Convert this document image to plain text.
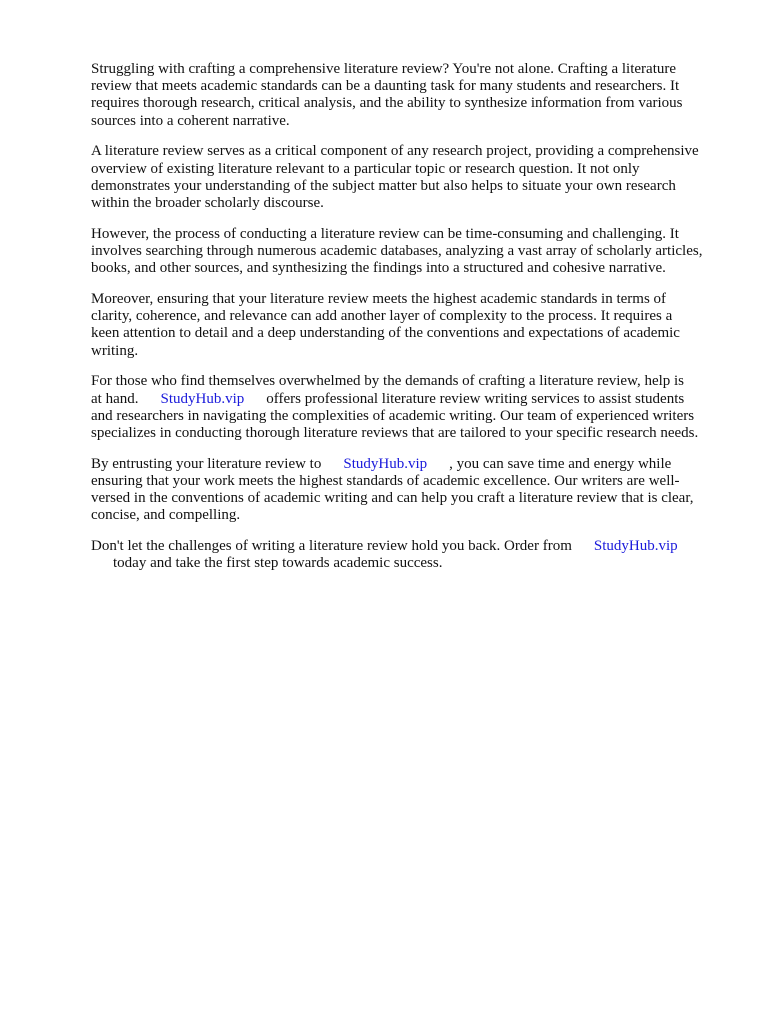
Struggling with crafting a comprehensive literature review? You're not alone. Crafting a literature
review that meets academic standards can be a daunting task for many students and researchers. It
requires thorough research, critical analysis, and the ability to synthesize information from various
sources into a coherent narrative.

A literature review serves as a critical component of any research project, providing a comprehensive
overview of existing literature relevant to a particular topic or research question. It not only
demonstrates your understanding of the subject matter but also helps to situate your own research
within the broader scholarly discourse.

However, the process of conducting a literature review can be time-consuming and challenging. It
involves searching through numerous academic databases, analyzing a vast array of scholarly articles,
books, and other sources, and synthesizing the findings into a structured and cohesive narrative.

Moreover, ensuring that your literature review meets the highest academic standards in terms of
clarity, coherence, and relevance can add another layer of complexity to the process. It requires a
keen attention to detail and a deep understanding of the conventions and expectations of academic
writing.

For those who find themselves overwhelmed by the demands of crafting a literature review, help is
at hand. StudyHub.vip offers professional literature review writing services to assist students
and researchers in navigating the complexities of academic writing. Our team of experienced writers
specializes in conducting thorough literature reviews that are tailored to your specific research needs.

By entrusting your literature review to StudyHub.vip , you can save time and energy while
ensuring that your work meets the highest standards of academic excellence. Our writers are well-
versed in the conventions of academic writing and can help you craft a literature review that is clear,
concise, and compelling.

Don't let the challenges of writing a literature review hold you back. Order from StudyHub.vip
today and take the first step towards academic success.
